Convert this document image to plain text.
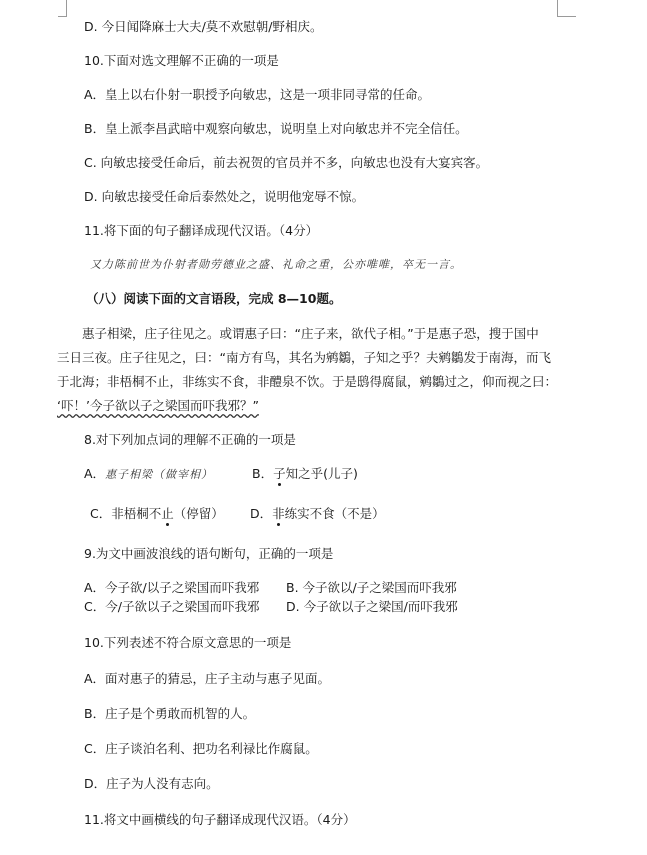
D. 今日闻降麻士大夫/莫不欢慰朝/野相庆。
10.下面对选文理解不正确的一项是
A．皇上以右仆射一职授予向敏忠，这是一项非同寻常的任命。
B．皇上派李昌武暗中观察向敏忠，说明皇上对向敏忠并不完全信任。
C. 向敏忠接受任命后，前去祝贺的官员并不多，向敏忠也没有大宴宾客。
D. 向敏忠接受任命后泰然处之，说明他宠辱不惊。
11.将下面的句子翻译成现代汉语。（4分）
又力陈前世为仆射者勋劳德业之盛、礼命之重，公亦唯唯，卒无一言。
（八）阅读下面的文言语段，完成 8—10题。
惠子相梁，庄子往见之。或谓惠子曰：“庄子来，欲代子相。”于是惠子恐，搜于国中
三日三夜。庄子往见之，曰：“南方有鸟，其名为鹓鶵，子知之乎？夫鹓鶵发于南海，而飞
于北海；非梧桐不止，非练实不食，非醴泉不饮。于是鸱得腐鼠，鹓鶵过之，仰而视之曰：
‘吓！’今子欲以子之梁国而吓我邪？”
8.对下列加点词的理解不正确的一项是
A．惠子相梁（做宰相）	B．子知之乎(儿子)
C．非梧桐不止（停留） D．非练实不食（不是）
9.为文中画波浪线的语句断句，正确的一项是
A．今子欲/以子之梁国而吓我邪 B. 今子欲以/子之梁国而吓我邪
C．今/子欲以子之梁国而吓我邪 D. 今子欲以子之梁国/而吓我邪
10.下列表述不符合原文意思的一项是
A．面对惠子的猜忌，庄子主动与惠子见面。
B．庄子是个勇敢而机智的人。
C．庄子谈泊名利、把功名利禄比作腐鼠。
D．庄子为人没有志向。
11.将文中画横线的句子翻译成现代汉语。（4分）
